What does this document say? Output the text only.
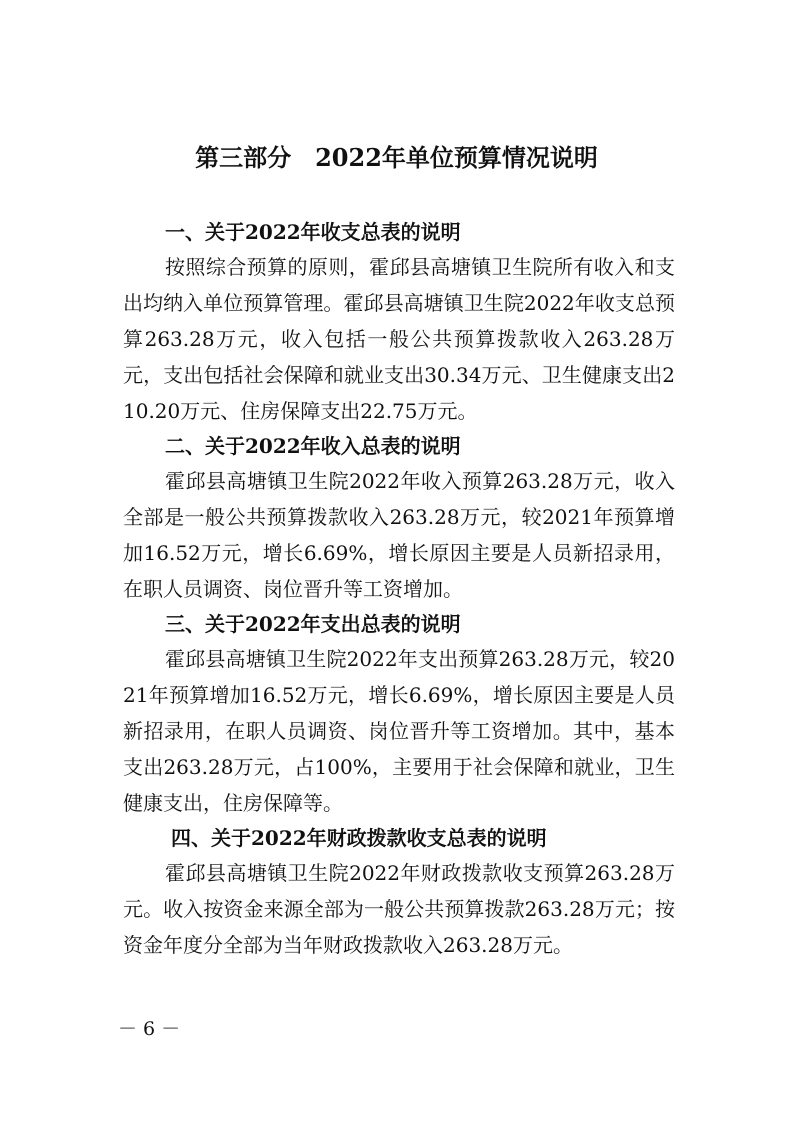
第三部分　2022年单位预算情况说明
一、关于2022年收支总表的说明

按照综合预算的原则，霍邱县高塘镇卫生院所有收入和支出均纳入单位预算管理。霍邱县高塘镇卫生院2022年收支总预算263.28万元，收入包括一般公共预算拨款收入263.28万元，支出包括社会保障和就业支出30.34万元、卫生健康支出210.20万元、住房保障支出22.75万元。

二、关于2022年收入总表的说明

霍邱县高塘镇卫生院2022年收入预算263.28万元，收入全部是一般公共预算拨款收入263.28万元，较2021年预算增加16.52万元，增长6.69%，增长原因主要是人员新招录用，在职人员调资、岗位晋升等工资增加。

三、关于2022年支出总表的说明

霍邱县高塘镇卫生院2022年支出预算263.28万元，较2021年预算增加16.52万元，增长6.69%，增长原因主要是人员新招录用，在职人员调资、岗位晋升等工资增加。其中，基本支出263.28万元，占100%，主要用于社会保障和就业，卫生健康支出，住房保障等。

四、关于2022年财政拨款收支总表的说明

霍邱县高塘镇卫生院2022年财政拨款收支预算263.28万元。收入按资金来源全部为一般公共预算拨款263.28万元；按资金年度分全部为当年财政拨款收入263.28万元。

－ 6 －
